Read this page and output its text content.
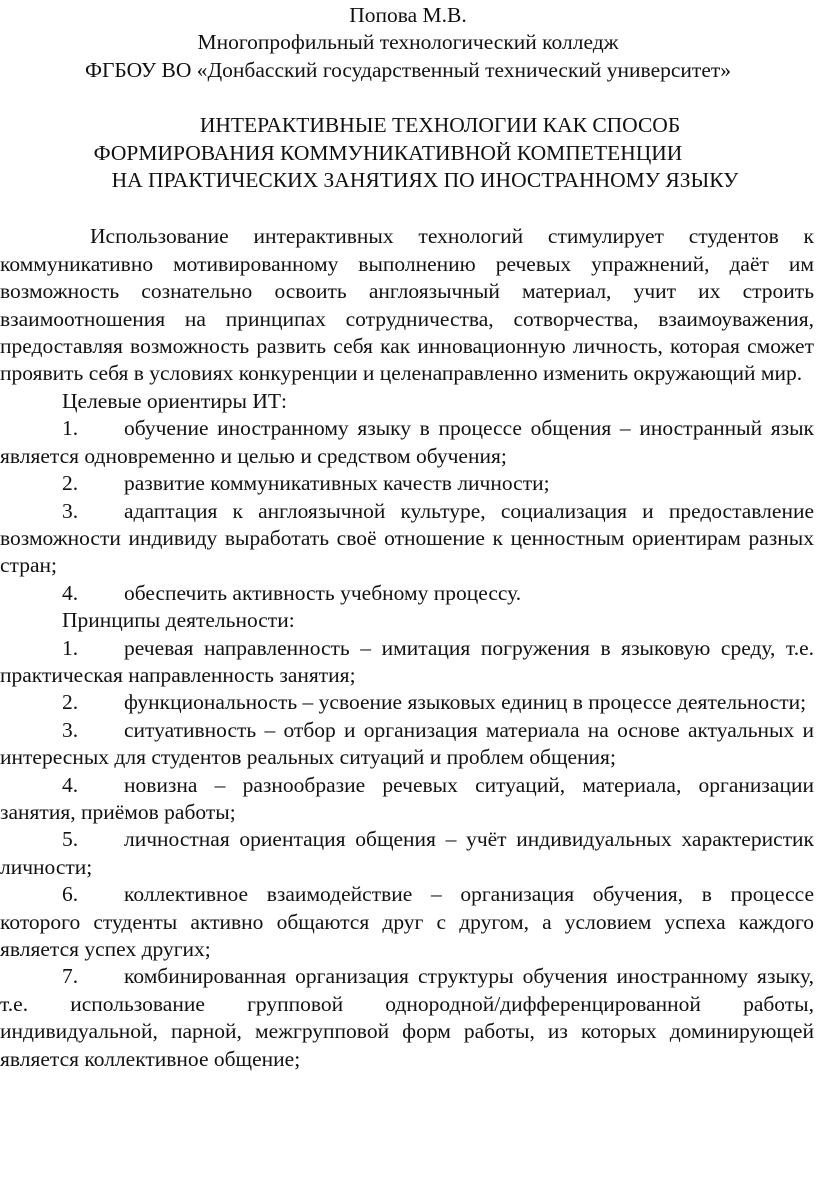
Попова М.В.
Многопрофильный технологический колледж
ФГБОУ ВО «Донбасский государственный технический университет»
ИНТЕРАКТИВНЫЕ ТЕХНОЛОГИИ КАК СПОСОБ
ФОРМИРОВАНИЯ КОММУНИКАТИВНОЙ КОМПЕТЕНЦИИ
НА ПРАКТИЧЕСКИХ ЗАНЯТИЯХ ПО ИНОСТРАННОМУ ЯЗЫКУ

Использование интерактивных технологий стимулирует студентов к коммуникативно мотивированному выполнению речевых упражнений, даёт им возможность сознательно освоить англоязычный материал, учит их строить взаимоотношения на принципах сотрудничества, сотворчества, взаимоуважения, предоставляя возможность развить себя как инновационную личность, которая сможет проявить себя в условиях конкуренции и целенаправленно изменить окружающий мир.

Целевые ориентиры ИТ:

1. обучение иностранному языку в процессе общения – иностранный язык является одновременно и целью и средством обучения;

2. развитие коммуникативных качеств личности;

3. адаптация к англоязычной культуре, социализация и предоставление возможности индивиду выработать своё отношение к ценностным ориентирам разных стран;

4. обеспечить активность учебному процессу.

Принципы деятельности:

1. речевая направленность – имитация погружения в языковую среду, т.е. практическая направленность занятия;

2. функциональность – усвоение языковых единиц в процессе деятельности;

3. ситуативность – отбор и организация материала на основе актуальных и интересных для студентов реальных ситуаций и проблем общения;

4. новизна – разнообразие речевых ситуаций, материала, организации занятия, приёмов работы;

5. личностная ориентация общения – учёт индивидуальных характеристик личности;

6. коллективное взаимодействие – организация обучения, в процессе которого студенты активно общаются друг с другом, а условием успеха каждого является успех других;

7. комбинированная организация структуры обучения иностранному языку, т.е. использование групповой однородной/дифференцированной работы, индивидуальной, парной, межгрупповой форм работы, из которых доминирующей является коллективное общение;
